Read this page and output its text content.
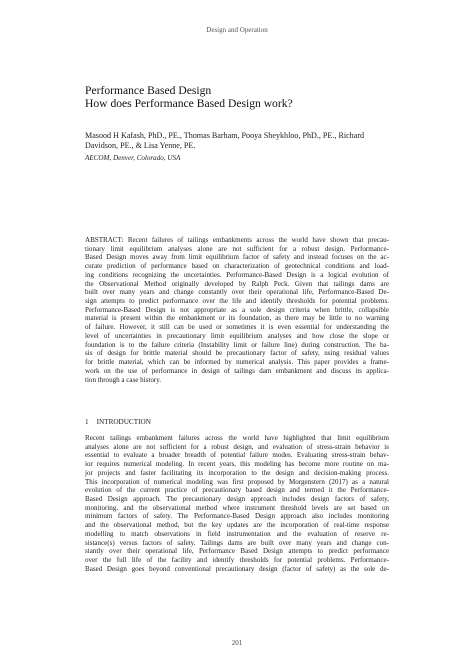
Design and Operation
Performance Based Design
How does Performance Based Design work?
Masood H Kafash, PhD., PE., Thomas Barham, Pooya Sheykhloo, PhD., PE., Richard
Davidson, PE., & Lisa Yenne, PE.
AECOM, Denver, Colorado, USA
ABSTRACT: Recent failures of tailings embankments across the world have shown that precau-
tionary limit equilibrium analyses alone are not sufficient for a robust design. Performance-
Based Design moves away from limit equilibrium factor of safety and instead focuses on the ac-
curate prediction of performance based on characterization of geotechnical conditions and load-
ing conditions recognizing the uncertainties. Performance-Based Design is a logical evolution of
the Observational Method originally developed by Ralph Peck. Given that tailings dams are
built over many years and change constantly over their operational life, Performance-Based De-
sign attempts to predict performance over the life and identify thresholds for potential problems.
Performance-Based Design is not appropriate as a sole design criteria when brittle, collapsible
material is present within the embankment or its foundation, as there may be little to no warning
of failure. However, it still can be used or sometimes it is even essential for understanding the
level of uncertainties in precautionary limit equilibrium analyses and how close the slope or
foundation is to the failure criteria (Instability limit or failure line) during construction. The ba-
sis of design for brittle material should be precautionary factor of safety, using residual values
for brittle material, which can be informed by numerical analysis. This paper provides a frame-
work on the use of performance in design of tailings dam embankment and discuss its applica-
tion through a case history.
1 INTRODUCTION
Recent tailings embankment failures across the world have highlighted that limit equilibrium
analyses alone are not sufficient for a robust design, and evaluation of stress-strain behavior is
essential to evaluate a broader breadth of potential failure modes. Evaluating stress-strain behav-
ior requires numerical modeling. In recent years, this modeling has become more routine on ma-
jor projects and faster facilitating its incorporation to the design and decision-making process.
This incorporation of numerical modeling was first proposed by Morgenstern (2017) as a natural
evolution of the current practice of precautionary based design and termed it the Performance-
Based Design approach. The precautionary design approach includes design factors of safety,
monitoring, and the observational method where instrument threshold levels are set based on
minimum factors of safety. The Performance-Based Design approach also includes monitoring
and the observational method, but the key updates are the incorporation of real-time response
modelling to match observations in field instrumentation and the evaluation of reserve re-
sistance(s) versus factors of safety. Tailings dams are built over many years and change con-
stantly over their operational life, Performance Based Design attempts to predict performance
over the full life of the facility and identify thresholds for potential problems. Performance-
Based Design goes beyond conventional precautionary design (factor of safety) as the sole de-
201
